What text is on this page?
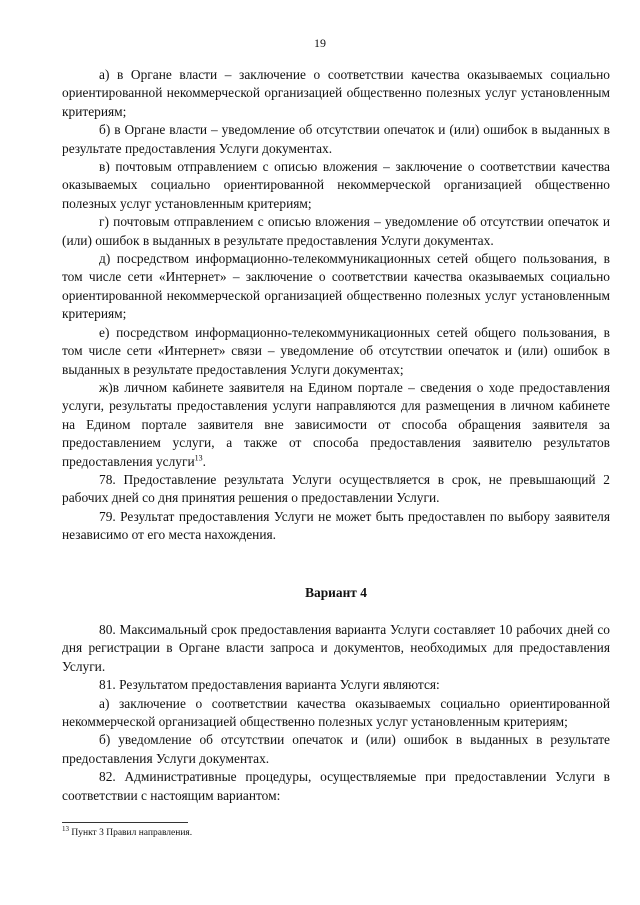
19

а) в Органе власти – заключение о соответствии качества оказываемых социально ориентированной некоммерческой организацией общественно полезных услуг установленным критериям;

б) в Органе власти – уведомление об отсутствии опечаток и (или) ошибок в выданных в результате предоставления Услуги документах.

в) почтовым отправлением с описью вложения – заключение о соответствии качества оказываемых социально ориентированной некоммерческой организацией общественно полезных услуг установленным критериям;

г) почтовым отправлением с описью вложения – уведомление об отсутствии опечаток и (или) ошибок в выданных в результате предоставления Услуги документах.

д) посредством информационно-телекоммуникационных сетей общего пользования, в том числе сети «Интернет» – заключение о соответствии качества оказываемых социально ориентированной некоммерческой организацией общественно полезных услуг установленным критериям;

е) посредством информационно-телекоммуникационных сетей общего пользования, в том числе сети «Интернет» связи – уведомление об отсутствии опечаток и (или) ошибок в выданных в результате предоставления Услуги документах;

ж)в личном кабинете заявителя на Едином портале – сведения о ходе предоставления услуги, результаты предоставления услуги направляются для размещения в личном кабинете на Едином портале заявителя вне зависимости от способа обращения заявителя за предоставлением услуги, а также от способа предоставления заявителю результатов предоставления услуги$^{13}$.

78. Предоставление результата Услуги осуществляется в срок, не превышающий 2 рабочих дней со дня принятия решения о предоставлении Услуги.

79. Результат предоставления Услуги не может быть предоставлен по выбору заявителя независимо от его места нахождения.

Вариант 4

80. Максимальный срок предоставления варианта Услуги составляет 10 рабочих дней со дня регистрации в Органе власти запроса и документов, необходимых для предоставления Услуги.

81. Результатом предоставления варианта Услуги являются:

а) заключение о соответствии качества оказываемых социально ориентированной некоммерческой организацией общественно полезных услуг установленным критериям;

б) уведомление об отсутствии опечаток и (или) ошибок в выданных в результате предоставления Услуги документах.

82. Административные процедуры, осуществляемые при предоставлении Услуги в соответствии с настоящим вариантом:

$^{13}$ Пункт 3 Правил направления.
